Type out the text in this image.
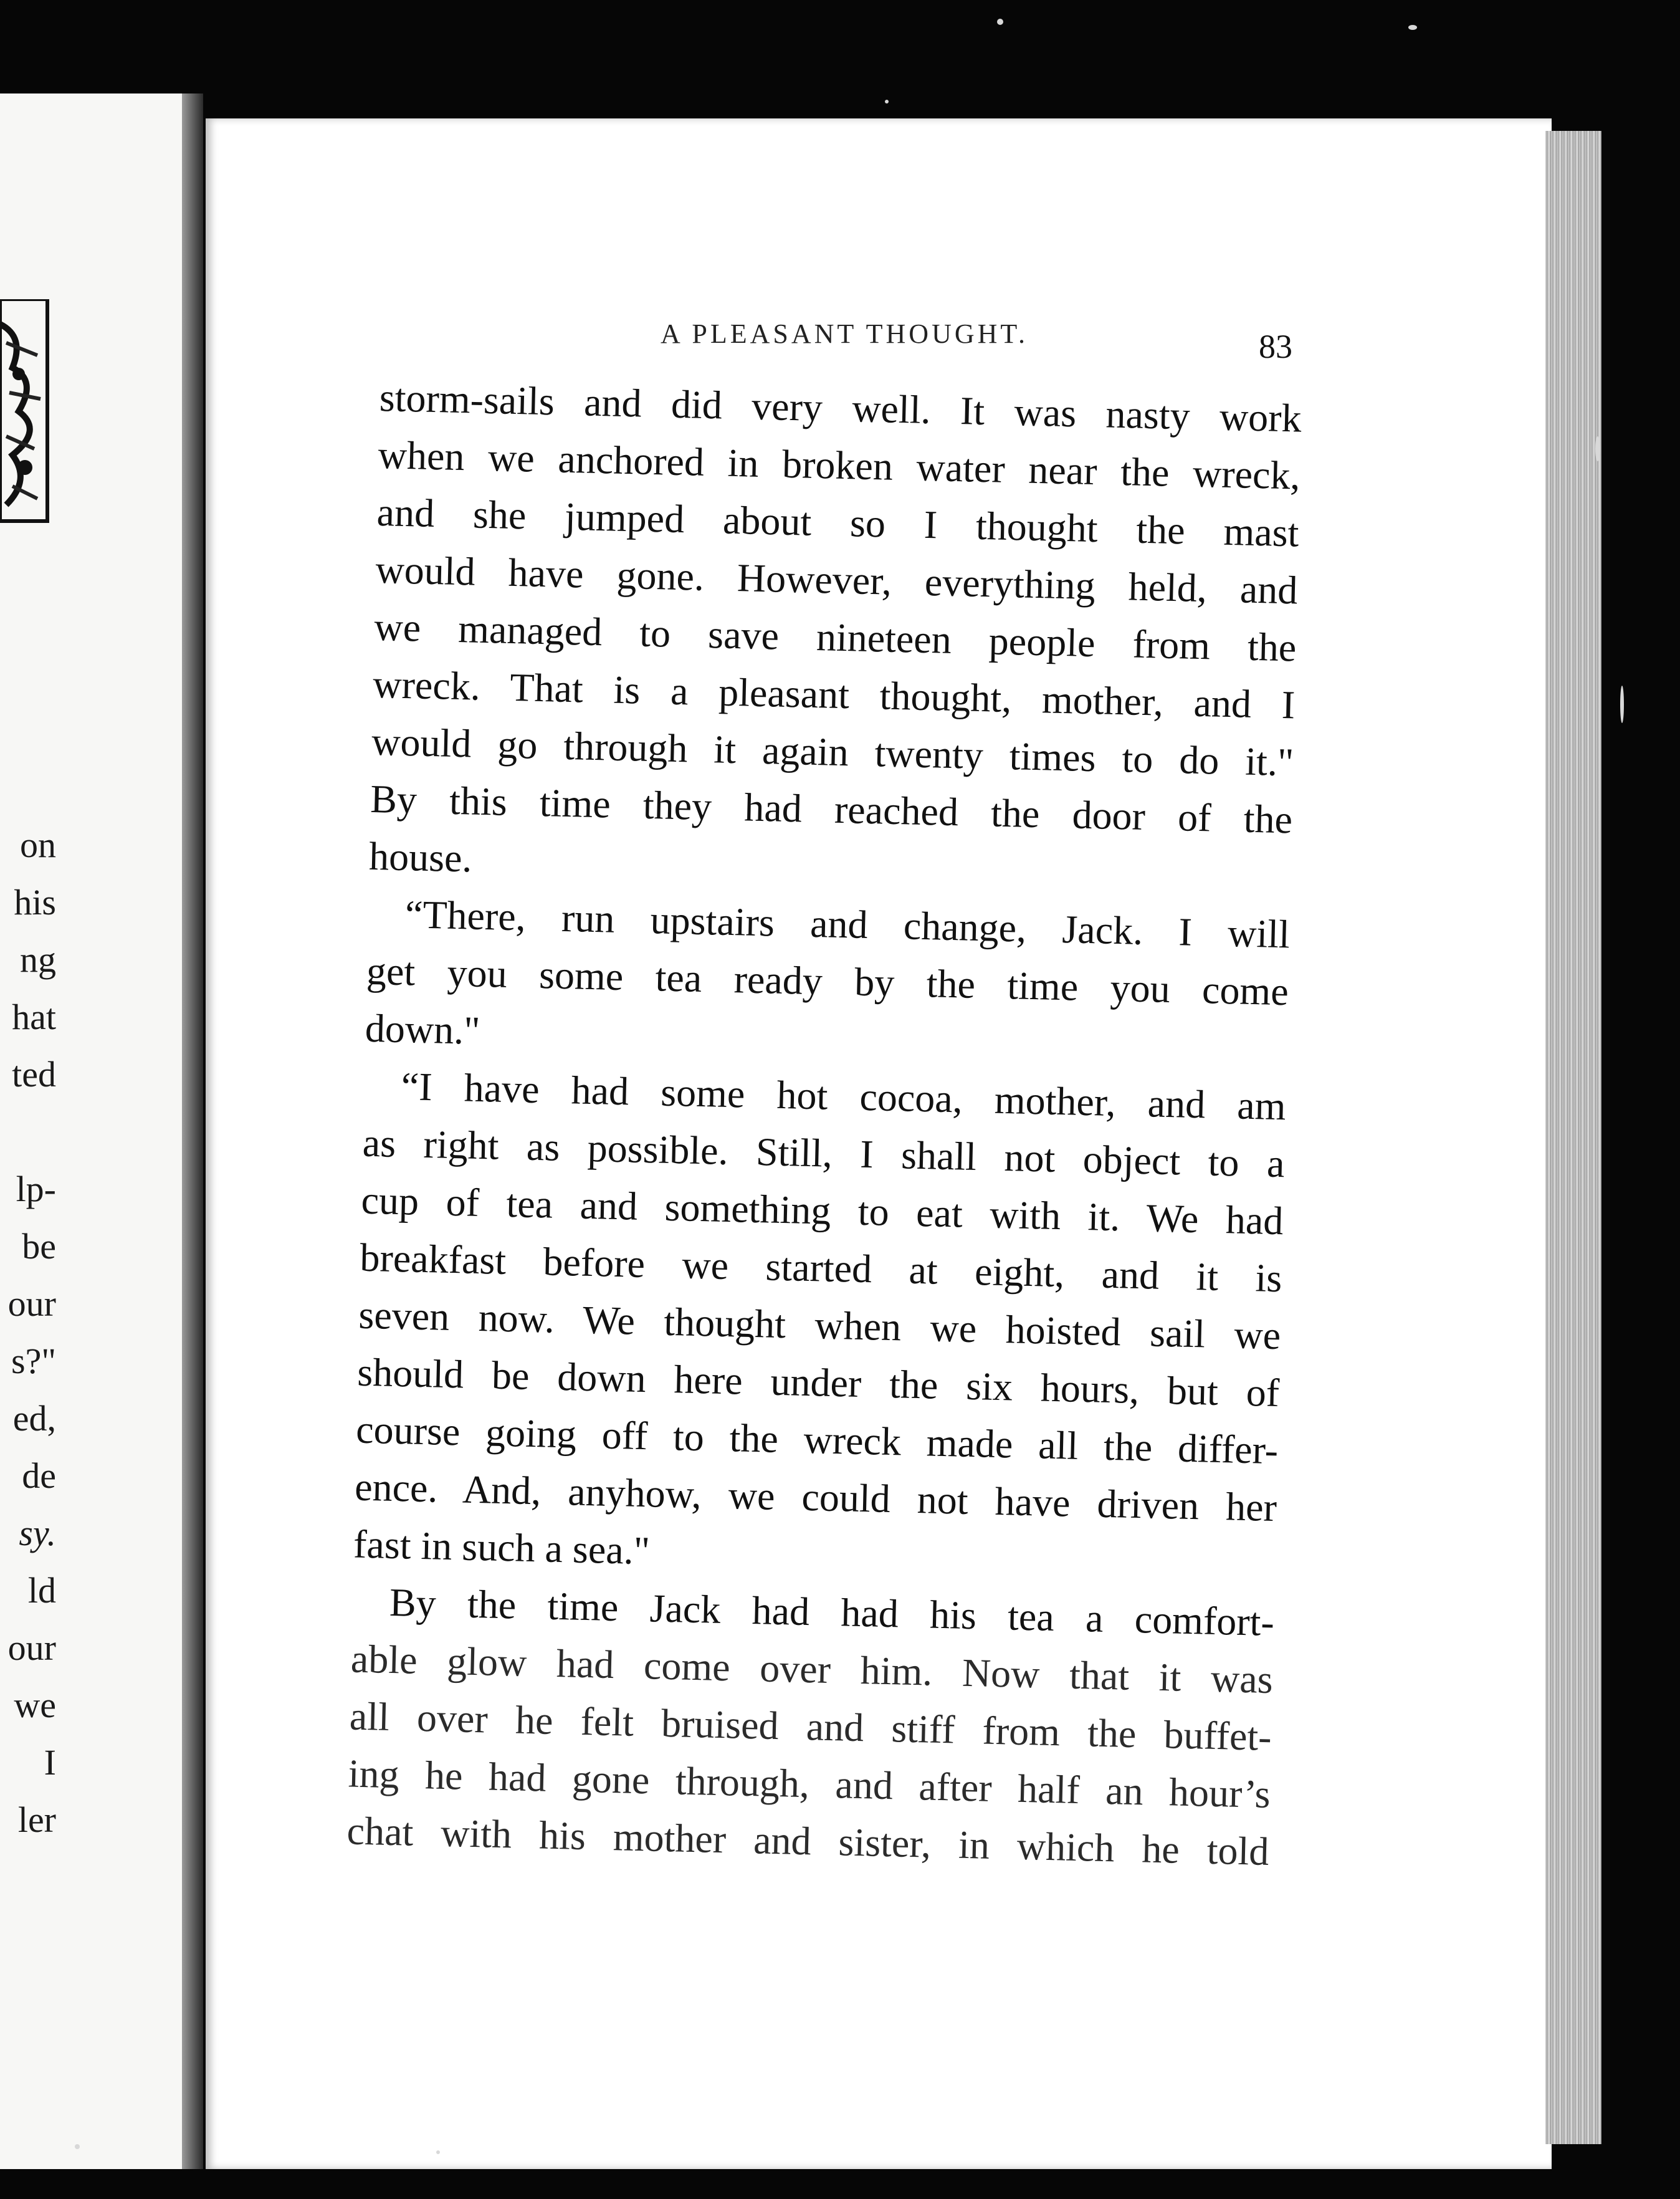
on
his
ng
hat
ted
lp-
be
our
s?"
ed,
de
sy.
ld
our
we
I
ler
A PLEASANT THOUGHT.	83
storm-sails and did very well. It was nasty work
when we anchored in broken water near the wreck,
and she jumped about so I thought the mast
would have gone. However, everything held, and
we managed to save nineteen people from the
wreck. That is a pleasant thought, mother, and I
would go through it again twenty times to do it."
By this time they had reached the door of the
house.
“There, run upstairs and change, Jack. I will
get you some tea ready by the time you come
down."
“I have had some hot cocoa, mother, and am
as right as possible. Still, I shall not object to a
cup of tea and something to eat with it. We had
breakfast before we started at eight, and it is
seven now. We thought when we hoisted sail we
should be down here under the six hours, but of
course going off to the wreck made all the differ-
ence. And, anyhow, we could not have driven her
fast in such a sea."
By the time Jack had had his tea a comfort-
able glow had come over him. Now that it was
all over he felt bruised and stiff from the buffet-
ing he had gone through, and after half an hour’s
chat with his mother and sister, in which he told
